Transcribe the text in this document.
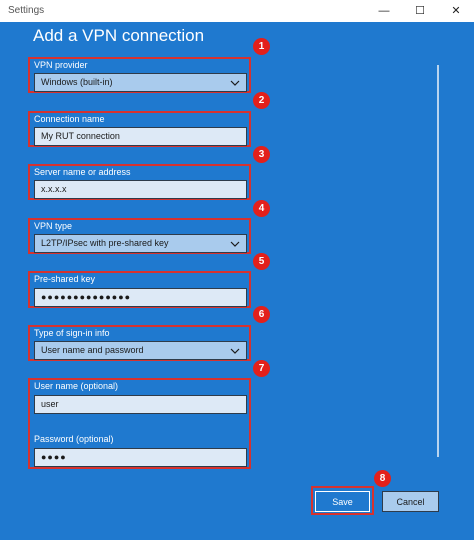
Settings	—	☐	✕
Add a VPN connection
VPN provider
Windows (built-in)
1
Connection name
My RUT connection
2
Server name or address
x.x.x.x
3
VPN type
L2TP/IPsec with pre-shared key
4
Pre-shared key
●●●●●●●●●●●●●●
5
Type of sign-in info
User name and password
6
User name (optional)
user
Password (optional)
●●●●
7
Save
8
Cancel
